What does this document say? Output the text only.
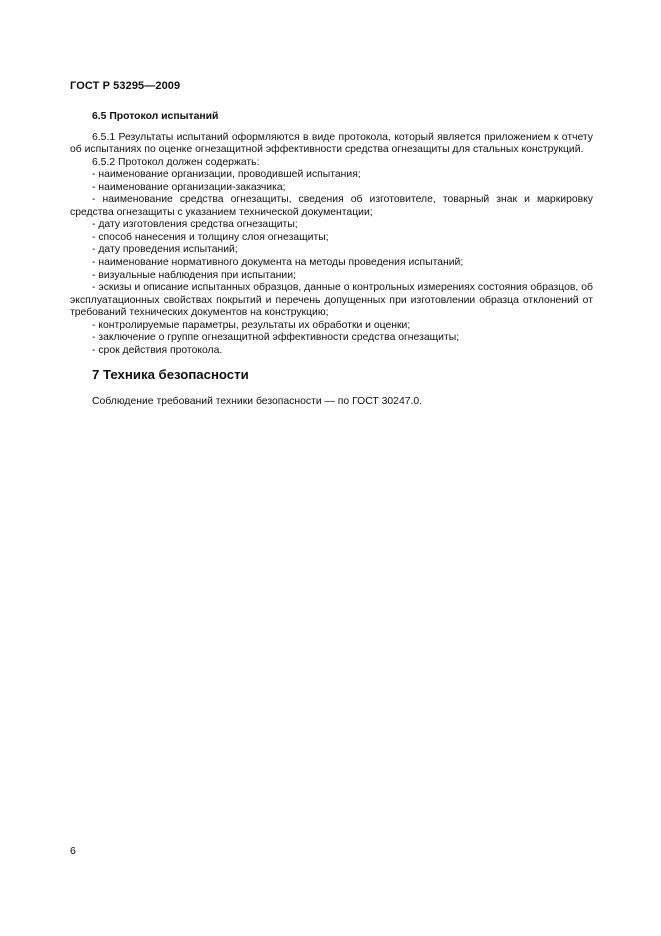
ГОСТ Р 53295—2009
6.5 Протокол испытаний

6.5.1 Результаты испытаний оформляются в виде протокола, который является приложением к отчету об испытаниях по оценке огнезащитной эффективности средства огнезащиты для стальных конструкций.

6.5.2 Протокол должен содержать:

- наименование организации, проводившей испытания;

- наименование организации-заказчика;

- наименование средства огнезащиты, сведения об изготовителе, товарный знак и маркировку средства огнезащиты с указанием технической документации;

- дату изготовления средства огнезащиты;

- способ нанесения и толщину слоя огнезащиты;

- дату проведения испытаний;

- наименование нормативного документа на методы проведения испытаний;

- визуальные наблюдения при испытании;

- эскизы и описание испытанных образцов, данные о контрольных измерениях состояния образцов, об эксплуатационных свойствах покрытий и перечень допущенных при изготовлении образца отклонений от требований технических документов на конструкцию;

- контролируемые параметры, результаты их обработки и оценки;

- заключение о группе огнезащитной эффективности средства огнезащиты;

- срок действия протокола.

7 Техника безопасности

Соблюдение требований техники безопасности — по ГОСТ 30247.0.

6
